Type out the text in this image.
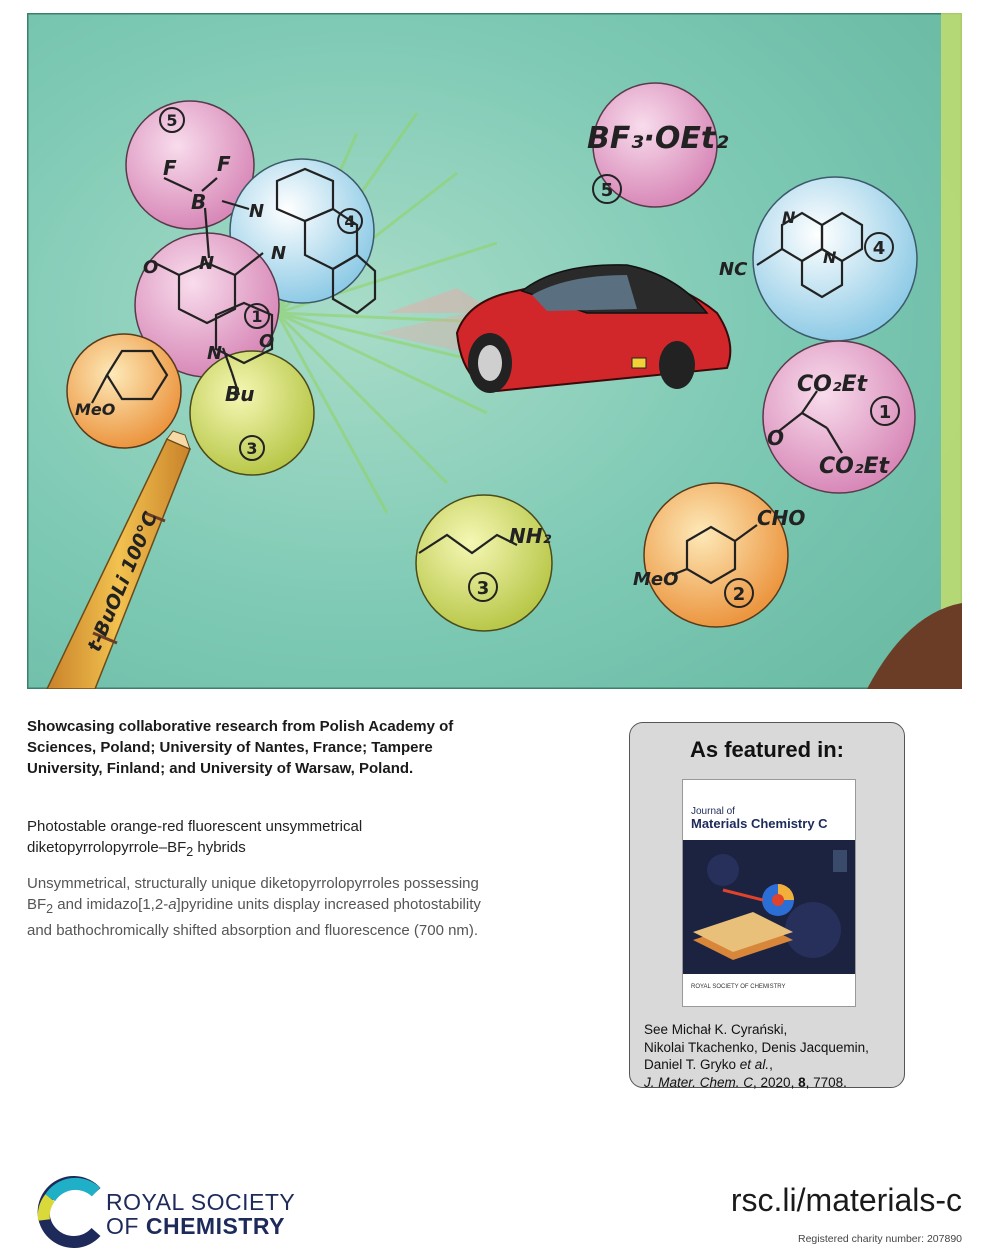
F F
B N
N
N
N
O
O
Bu
MeO
5
4
1
3
t-BuOLi 100°C
BF₃·OEt₂
5
NC
N
N 4
CO₂Et
O
CO₂Et
1
NH₂
3
CHO
MeO
2

Showcasing collaborative research from Polish Academy of Sciences, Poland; University of Nantes, France; Tampere University, Finland; and University of Warsaw, Poland.

Photostable orange-red fluorescent unsymmetrical diketopyrrolopyrrole–$BF_2$ hybrids

Unsymmetrical, structurally unique diketopyrrolopyrroles possessing $BF_2$ and imidazo[1,2-a]pyridine units display increased photostability and bathochromically shifted absorption and fluorescence (700 nm).

As featured in:
Journal of
Materials Chemistry C
ROYAL SOCIETY OF CHEMISTRY
See Michał K. Cyrański,
Nikolai Tkachenko, Denis Jacquemin,
Daniel T. Gryko et al.,
J. Mater. Chem. C, 2020, 8, 7708.
ROYAL SOCIETY
OF CHEMISTRY
rsc.li/materials-c
Registered charity number: 207890
